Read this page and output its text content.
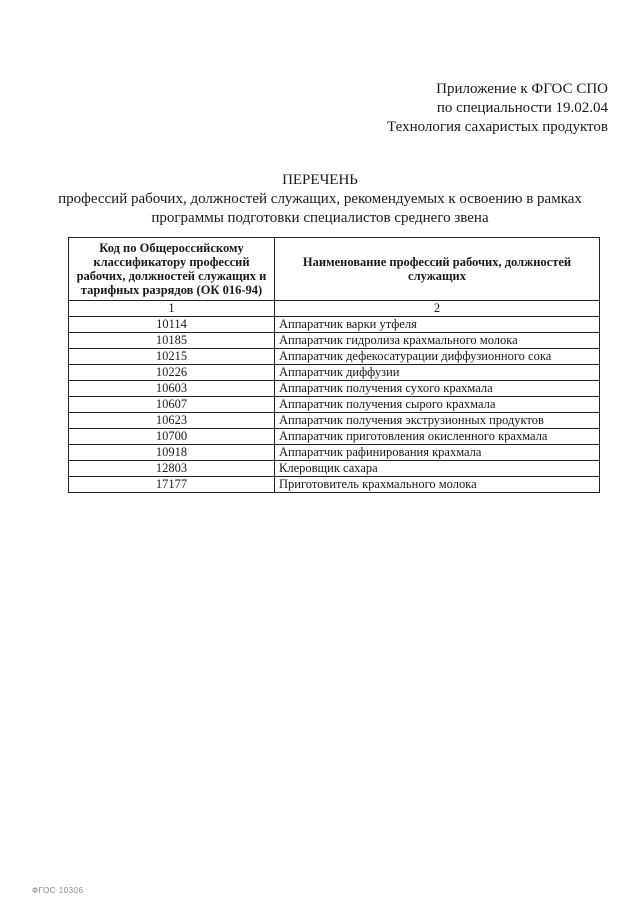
Приложение к ФГОС СПО
по специальности 19.02.04
Технология сахаристых продуктов
ПЕРЕЧЕНЬ
профессий рабочих, должностей служащих, рекомендуемых к освоению в рамках программы подготовки специалистов среднего звена
Код по Общероссийскому классификатору профессий рабочих, должностей служащих и тарифных разрядов (ОК 016-94)	Наименование профессий рабочих, должностей служащих
1	2
10114	Аппаратчик варки утфеля
10185	Аппаратчик гидролиза крахмального молока
10215	Аппаратчик дефекосатурации диффузионного сока
10226	Аппаратчик диффузии
10603	Аппаратчик получения сухого крахмала
10607	Аппаратчик получения сырого крахмала
10623	Аппаратчик получения экструзионных продуктов
10700	Аппаратчик приготовления окисленного крахмала
10918	Аппаратчик рафинирования крахмала
12803	Клеровщик сахара
17177	Приготовитель крахмального молока
ФГОС 10306
